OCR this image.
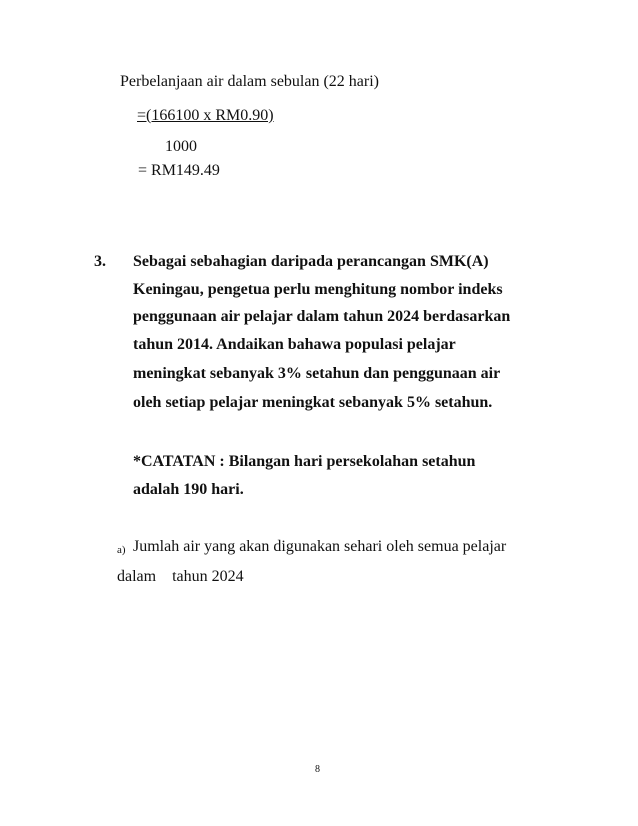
Perbelanjaan air dalam sebulan (22 hari)
=(166100 x RM0.90)
1000
= RM149.49
3. Sebagai sebahagian daripada perancangan SMK(A)
Keningau, pengetua perlu menghitung nombor indeks
penggunaan air pelajar dalam tahun 2024 berdasarkan
tahun 2014. Andaikan bahawa populasi pelajar
meningkat sebanyak 3% setahun dan penggunaan air
oleh setiap pelajar meningkat sebanyak 5% setahun.
*CATATAN : Bilangan hari persekolahan setahun
adalah 190 hari.
a) Jumlah air yang akan digunakan sehari oleh semua pelajar
dalam    tahun 2024
8
